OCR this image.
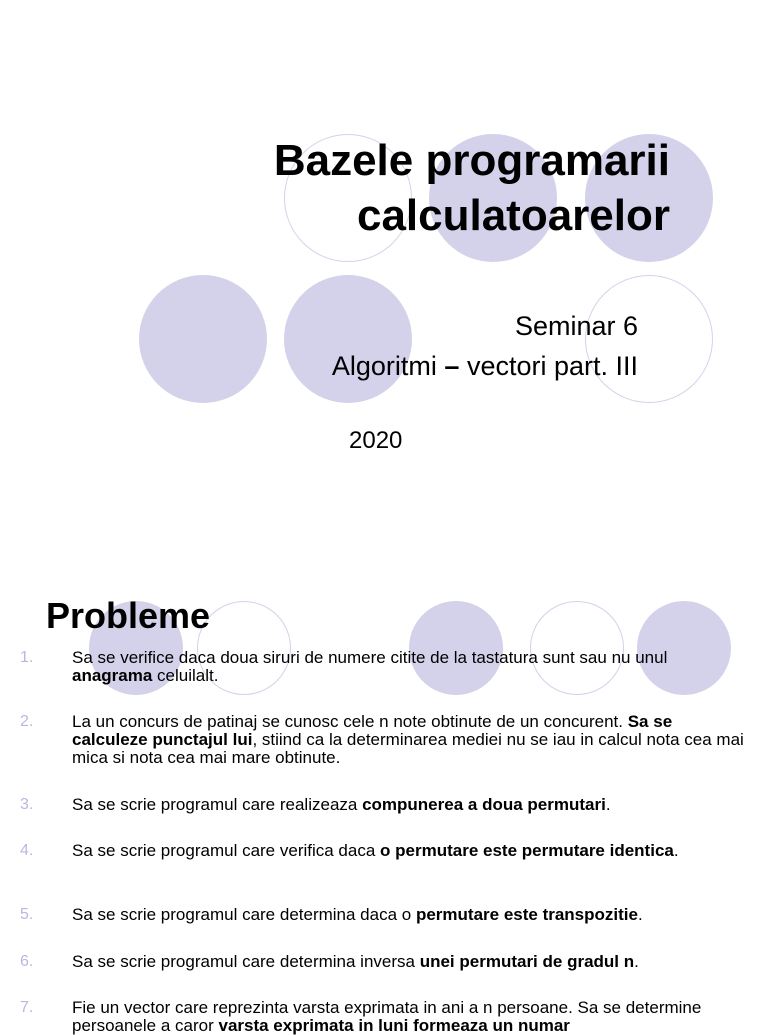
Bazele programarii
calculatoarelor
Seminar 6
Algoritmi – vectori part. III
2020
Probleme
1.	Sa se verifice daca doua siruri de numere citite de la tastatura sunt sau nu unul anagrama celuilalt.
2.	La un concurs de patinaj se cunosc cele n note obtinute de un concurent. Sa se calculeze punctajul lui, stiind ca la determinarea mediei nu se iau in calcul nota cea mai mica si nota cea mai mare obtinute.
3.	Sa se scrie programul care realizeaza compunerea a doua permutari.
4.	Sa se scrie programul care verifica daca o permutare este permutare identica.
5.	Sa se scrie programul care determina daca o permutare este transpozitie.
6.	Sa se scrie programul care determina inversa unei permutari de gradul n.
7.	Fie un vector care reprezinta varsta exprimata in ani a n persoane. Sa se determine persoanele a caror varsta exprimata in luni formeaza un numar
